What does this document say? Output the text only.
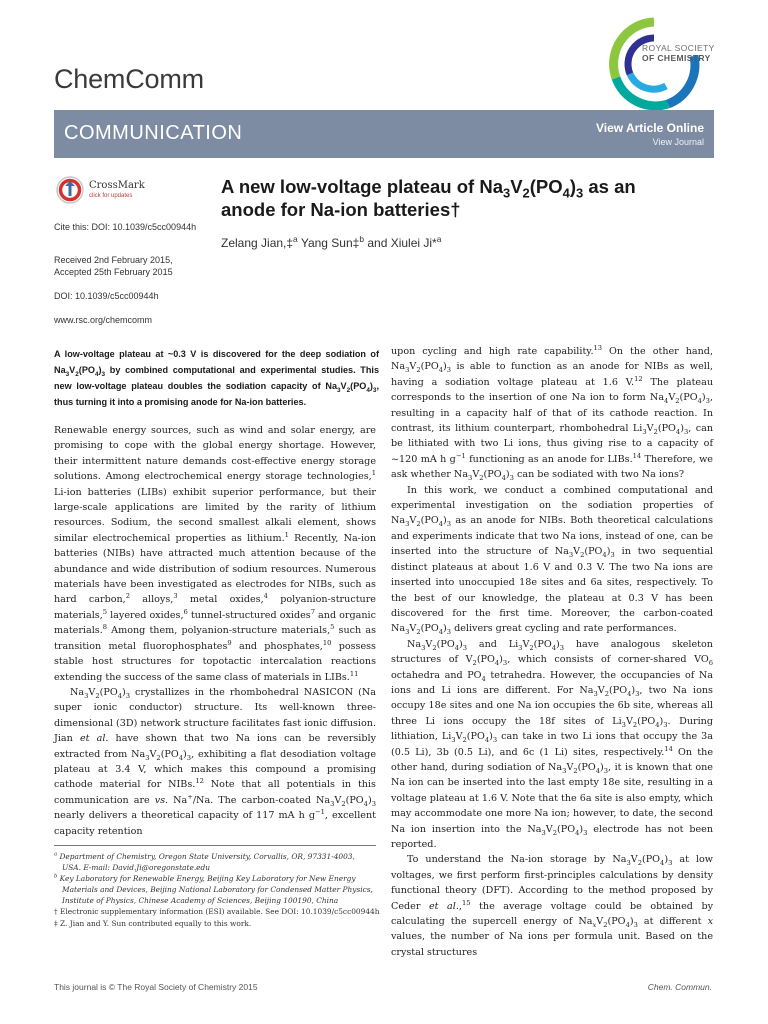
ChemComm
ROYAL SOCIETY
OF CHEMISTRY
COMMUNICATION	View Article Online
View Journal
CrossMark
click for updates
Cite this: DOI: 10.1039/c5cc00944h
Received 2nd February 2015,
Accepted 25th February 2015
DOI: 10.1039/c5cc00944h
www.rsc.org/chemcomm
A new low-voltage plateau of $Na_3V_2(PO_4)_3$ as an
anode for Na-ion batteries†
Zelang Jian,‡$^a$ Yang Sun‡$^b$ and Xiulei Ji*$^a$
A low-voltage plateau at ~0.3 V is discovered for the deep sodiation of $Na_3V_2(PO_4)_3$ by combined computational and experimental studies. This new low-voltage plateau doubles the sodiation capacity of $Na_3V_2(PO_4)_3$, thus turning it into a promising anode for Na-ion batteries.

Renewable energy sources, such as wind and solar energy, are promising to cope with the global energy shortage. However, their intermittent nature demands cost-effective energy storage solutions. Among electrochemical energy storage technologies,$^1$ Li-ion batteries (LIBs) exhibit superior performance, but their large-scale applications are limited by the rarity of lithium resources. Sodium, the second smallest alkali element, shows similar electrochemical properties as lithium.$^1$ Recently, Na-ion batteries (NIBs) have attracted much attention because of the abundance and wide distribution of sodium resources. Numerous materials have been investigated as electrodes for NIBs, such as hard carbon,$^2$ alloys,$^3$ metal oxides,$^4$ polyanion-structure materials,$^5$ layered oxides,$^6$ tunnel-structured oxides$^7$ and organic materials.$^8$ Among them, polyanion-structure materials,$^5$ such as transition metal fluorophosphates$^9$ and phosphates,$^{10}$ possess stable host structures for topotactic intercalation reactions extending the success of the same class of materials in LIBs.$^{11}$

$Na_3V_2(PO_4)_3$ crystallizes in the rhombohedral NASICON (Na super ionic conductor) structure. Its well-known three-dimensional (3D) network structure facilitates fast ionic diffusion. Jian et al. have shown that two Na ions can be reversibly extracted from $Na_3V_2(PO_4)_3$, exhibiting a flat desodiation voltage plateau at 3.4 V, which makes this compound a promising cathode material for NIBs.$^{12}$ Note that all potentials in this communication are vs. Na+/Na. The carbon-coated $Na_3V_2(PO_4)_3$ nearly delivers a theoretical capacity of 117 mA h $g^{-1}$, excellent capacity retention

upon cycling and high rate capability.$^{13}$ On the other hand, $Na_3V_2(PO_4)_3$ is able to function as an anode for NIBs as well, having a sodiation voltage plateau at 1.6 V.$^{12}$ The plateau corresponds to the insertion of one Na ion to form $Na_4V_2(PO_4)_3$, resulting in a capacity half of that of its cathode reaction. In contrast, its lithium counterpart, rhombohedral $Li_3V_2(PO_4)_3$, can be lithiated with two Li ions, thus giving rise to a capacity of ~120 mA h $g^{-1}$ functioning as an anode for LIBs.$^{14}$ Therefore, we ask whether $Na_3V_2(PO_4)_3$ can be sodiated with two Na ions?

In this work, we conduct a combined computational and experimental investigation on the sodiation properties of $Na_3V_2(PO_4)_3$ as an anode for NIBs. Both theoretical calculations and experiments indicate that two Na ions, instead of one, can be inserted into the structure of $Na_3V_2(PO_4)_3$ in two sequential distinct plateaus at about 1.6 V and 0.3 V. The two Na ions are inserted into unoccupied 18e sites and 6a sites, respectively. To the best of our knowledge, the plateau at 0.3 V has been discovered for the first time. Moreover, the carbon-coated $Na_3V_2(PO_4)_3$ delivers great cycling and rate performances.

$Na_3V_2(PO_4)_3$ and $Li_3V_2(PO_4)_3$ have analogous skeleton structures of $V_2(PO_4)_3$, which consists of corner-shared $VO_6$ octahedra and $PO_4$ tetrahedra. However, the occupancies of Na ions and Li ions are different. For $Na_3V_2(PO_4)_3$, two Na ions occupy 18e sites and one Na ion occupies the 6b site, whereas all three Li ions occupy the 18f sites of $Li_3V_2(PO_4)_3$. During lithiation, $Li_3V_2(PO_4)_3$ can take in two Li ions that occupy the 3a (0.5 Li), 3b (0.5 Li), and 6c (1 Li) sites, respectively.$^{14}$ On the other hand, during sodiation of $Na_3V_2(PO_4)_3$, it is known that one Na ion can be inserted into the last empty 18e site, resulting in a voltage plateau at 1.6 V. Note that the 6a site is also empty, which may accommodate one more Na ion; however, to date, the second Na ion insertion into the $Na_3V_2(PO_4)_3$ electrode has not been reported.

To understand the Na-ion storage by $Na_3V_2(PO_4)_3$ at low voltages, we first perform first-principles calculations by density functional theory (DFT). According to the method proposed by Ceder et al.,$^{15}$ the average voltage could be obtained by calculating the supercell energy of $Na_xV_2(PO_4)_3$ at different x values, the number of Na ions per formula unit. Based on the crystal structures

$^a$ Department of Chemistry, Oregon State University, Corvallis, OR, 97331-4003,

USA. E-mail: David.Ji@oregonstate.edu

$^b$ Key Laboratory for Renewable Energy, Beijing Key Laboratory for New Energy

Materials and Devices, Beijing National Laboratory for Condensed Matter Physics,

Institute of Physics, Chinese Academy of Sciences, Beijing 100190, China

† Electronic supplementary information (ESI) available. See DOI: 10.1039/c5cc00944h

‡ Z. Jian and Y. Sun contributed equally to this work.

This journal is © The Royal Society of Chemistry 2015	Chem. Commun.
